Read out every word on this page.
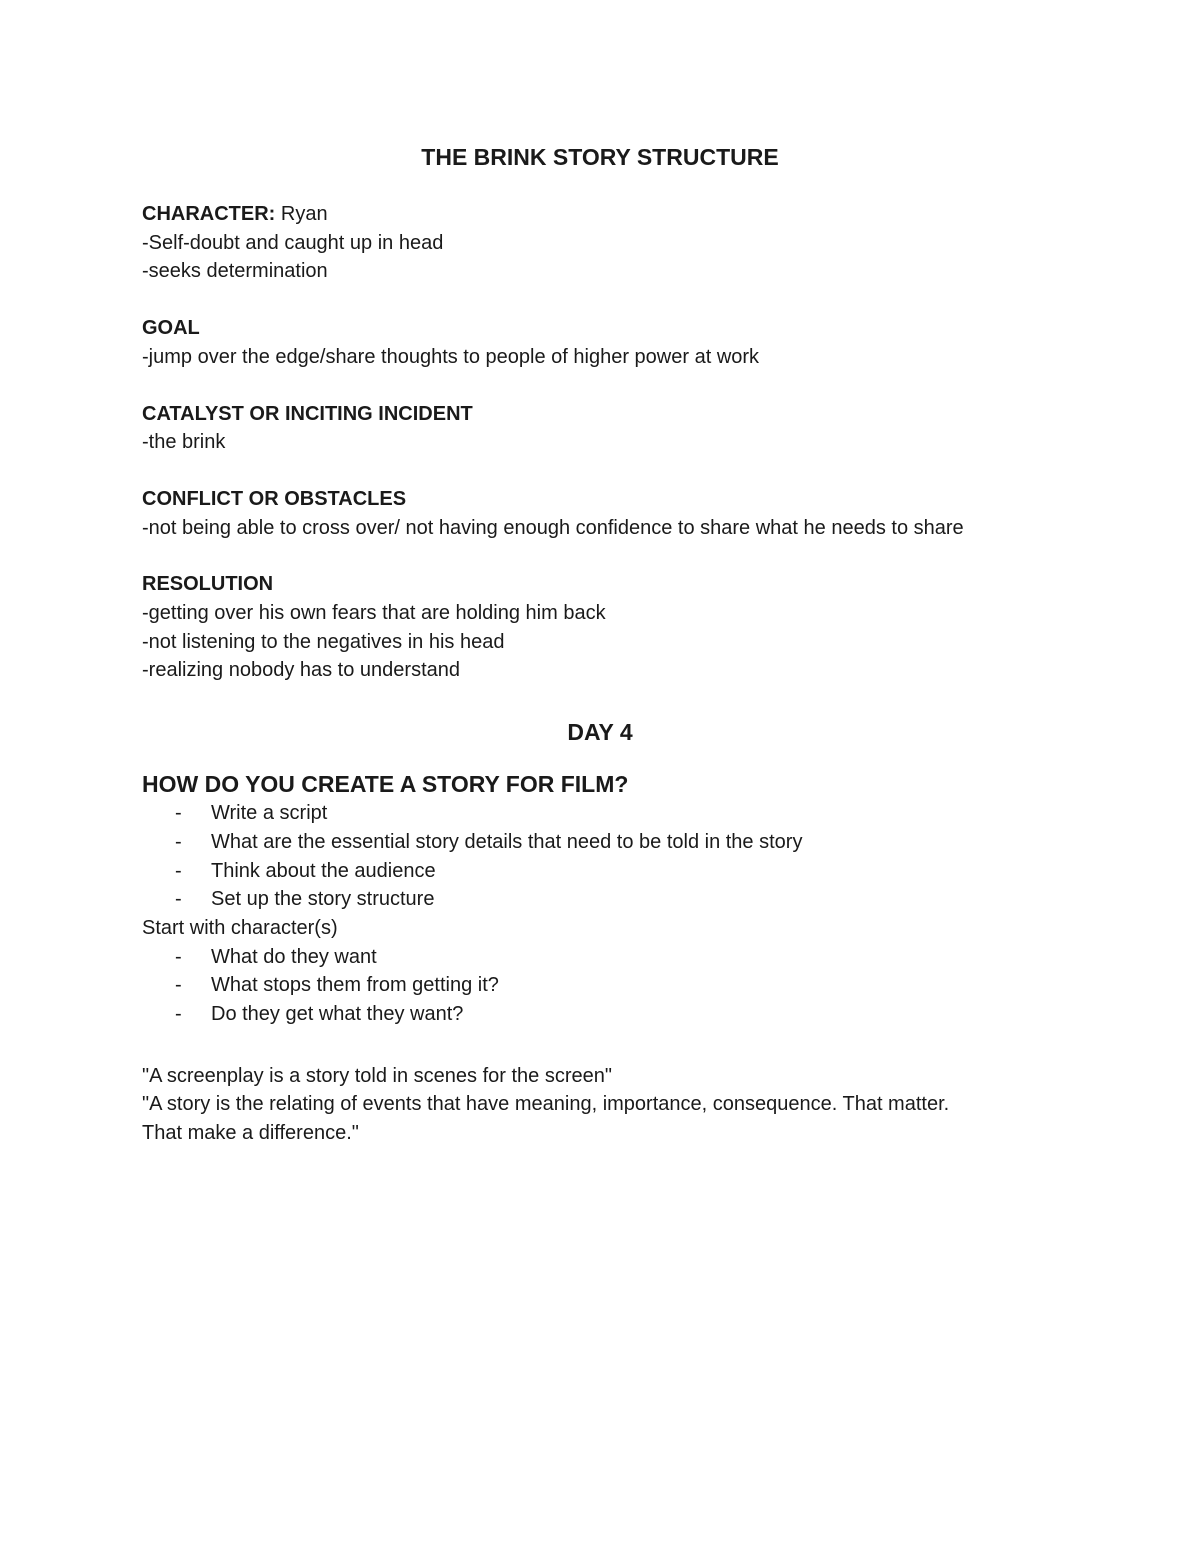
THE BRINK STORY STRUCTURE

CHARACTER: Ryan

-Self-doubt and caught up in head

-seeks determination

GOAL

-jump over the edge/share thoughts to people of higher power at work

CATALYST OR INCITING INCIDENT

-the brink

CONFLICT OR OBSTACLES

-not being able to cross over/ not having enough confidence to share what he needs to share

RESOLUTION

-getting over his own fears that are holding him back

-not listening to the negatives in his head

-realizing nobody has to understand

DAY 4

HOW DO YOU CREATE A STORY FOR FILM?

- Write a script
- What are the essential story details that need to be told in the story
- Think about the audience
- Set up the story structure

Start with character(s)

- What do they want
- What stops them from getting it?
- Do they get what they want?

"A screenplay is a story told in scenes for the screen"

"A story is the relating of events that have meaning, importance, consequence. That matter.

That make a difference."
